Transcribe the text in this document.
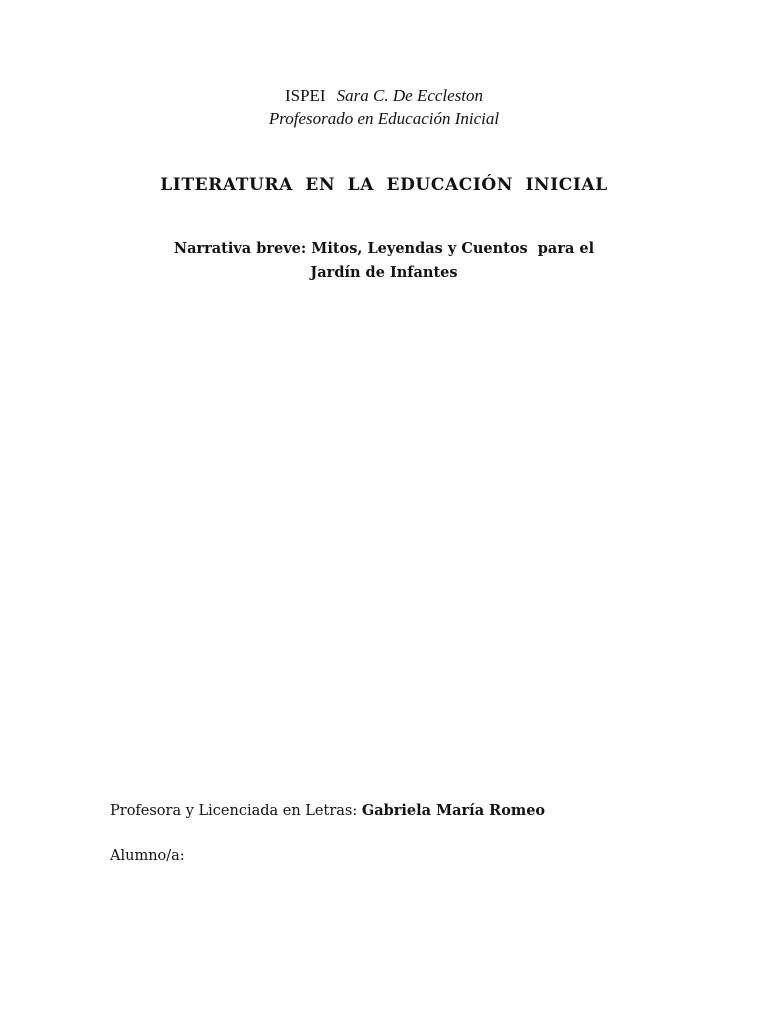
ISPEI Sara C. De Eccleston
Profesorado en Educación Inicial
LITERATURA EN LA EDUCACIÓN INICIAL
Narrativa breve: Mitos, Leyendas y Cuentos  para el
Jardín de Infantes
Profesora y Licenciada en Letras: Gabriela María Romeo
Alumno/a:
